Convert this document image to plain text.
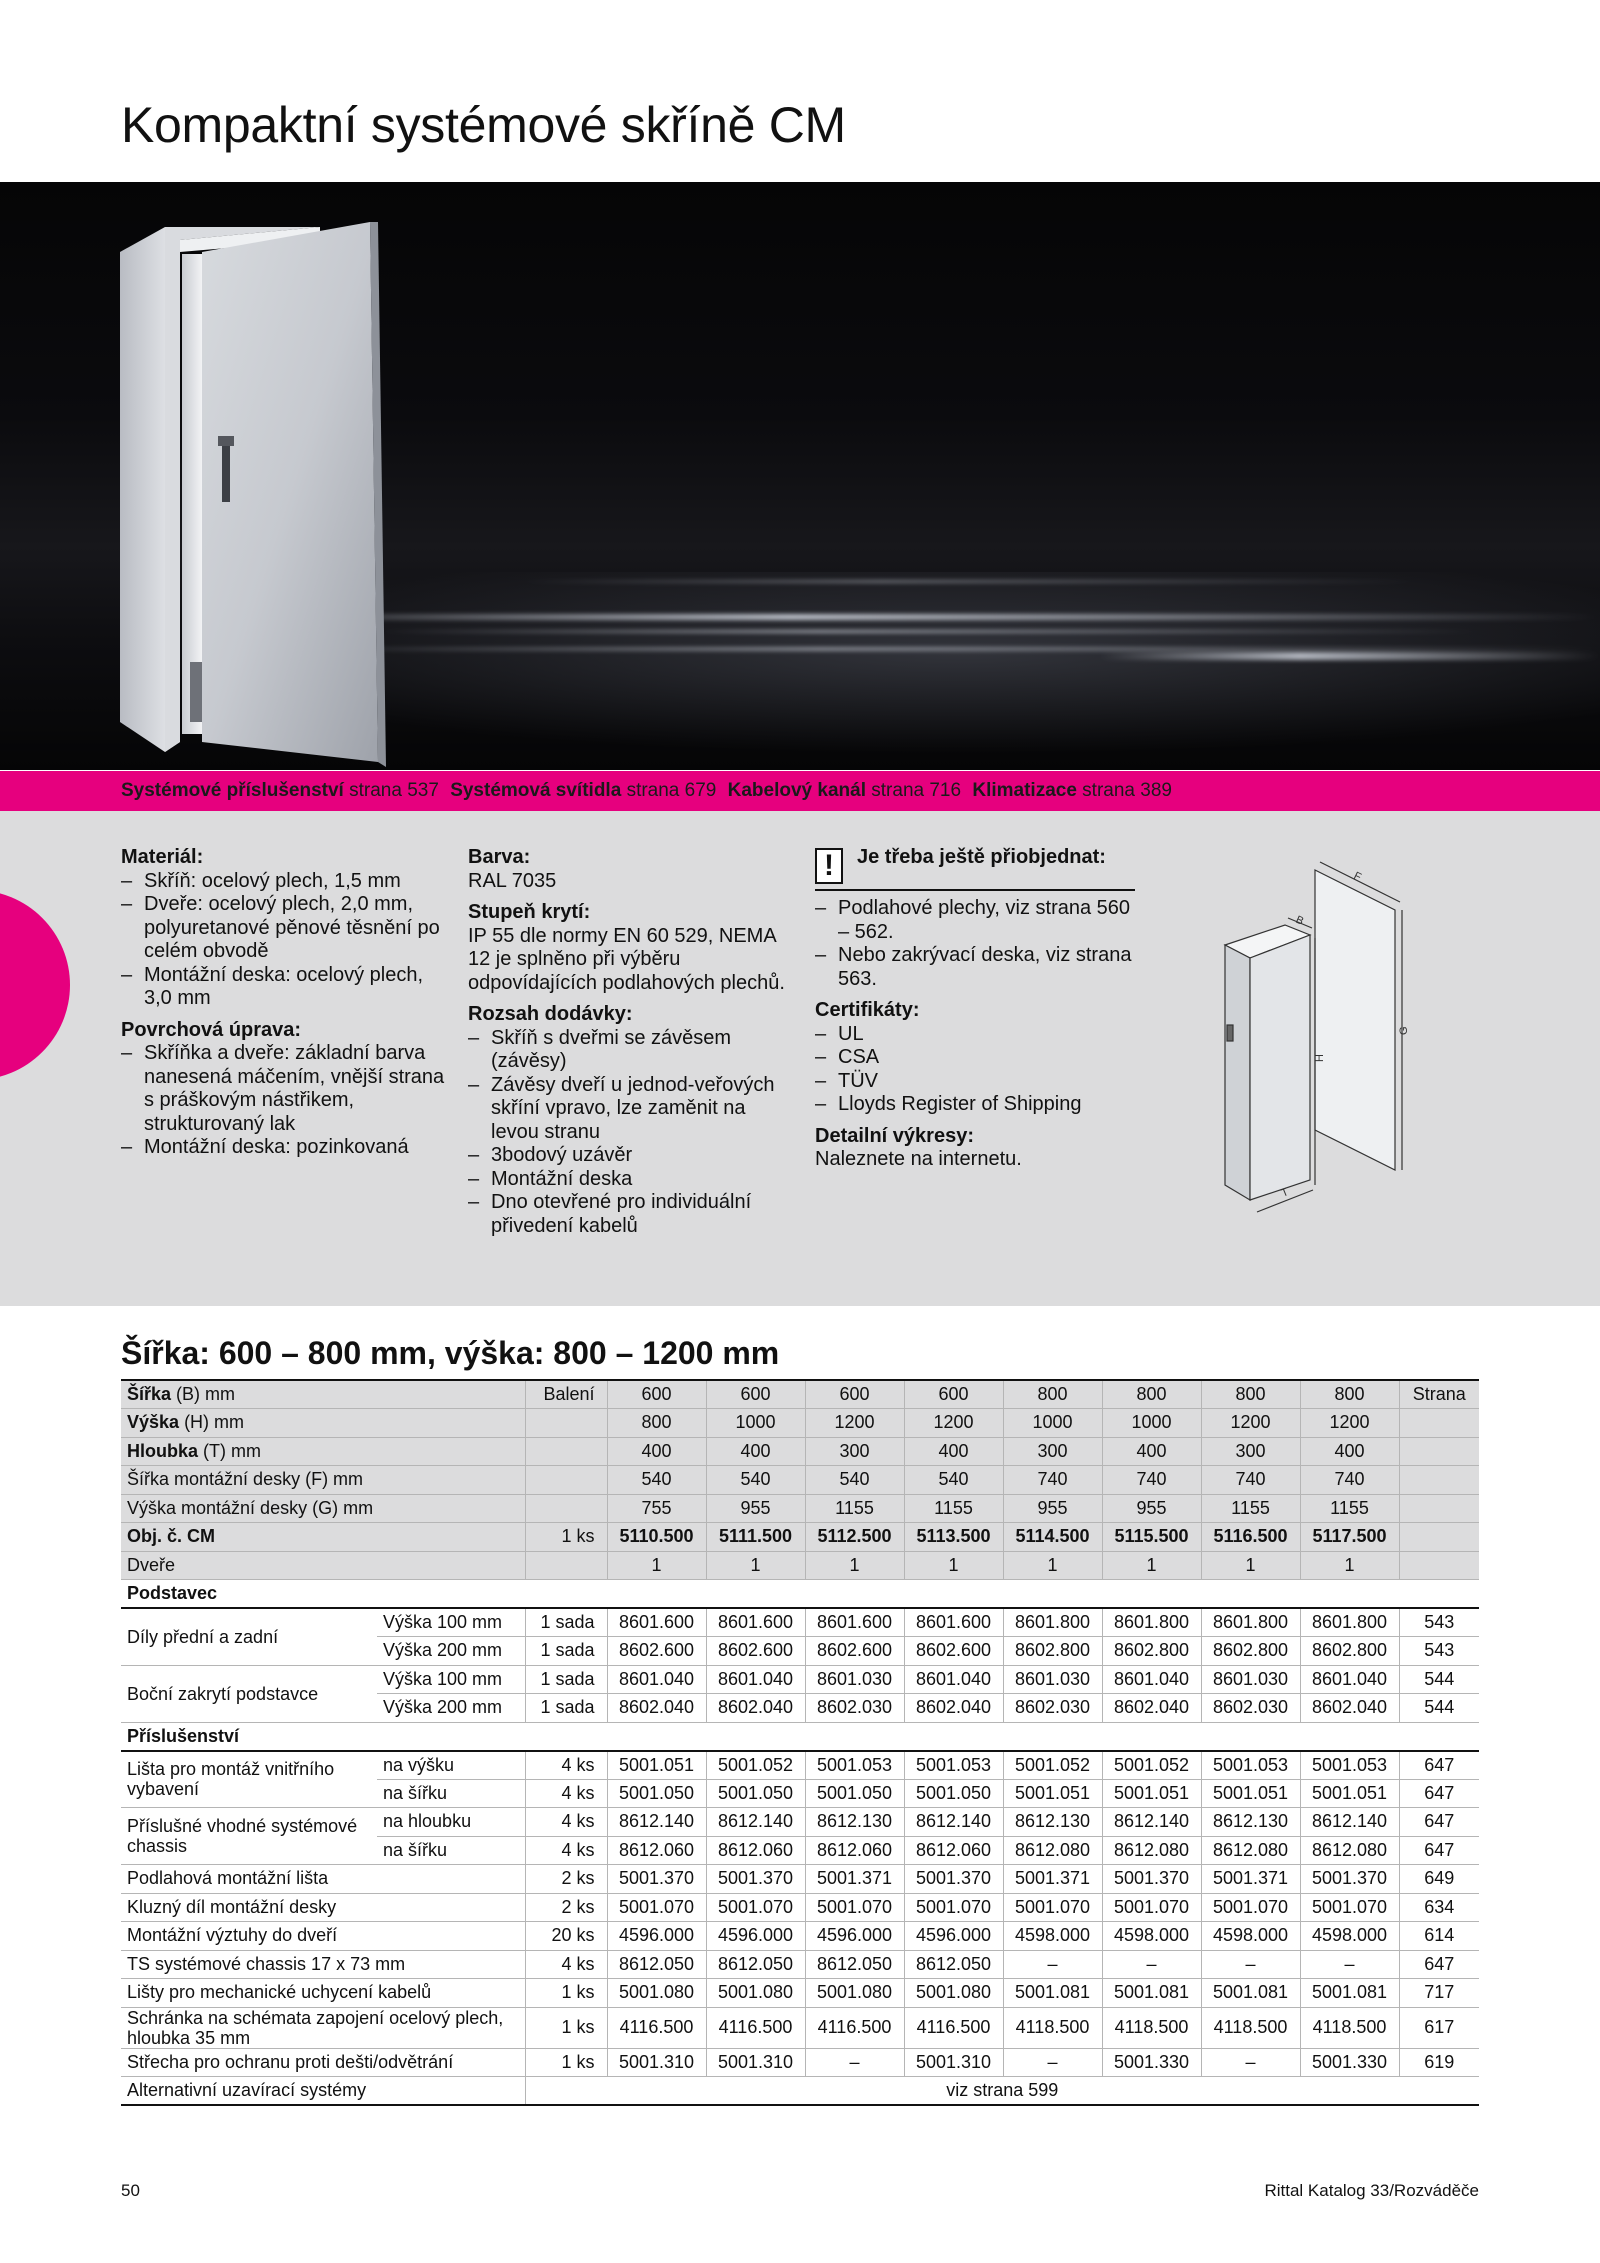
Kompaktní systémové skříně CM
Systémové příslušenství strana 537 Systémová svítidla strana 679 Kabelový kanál strana 716 Klimatizace strana 389
Materiál:
– Skříň: ocelový plech, 1,5 mm
– Dveře: ocelový plech, 2,0 mm, polyuretanové pěnové těsnění po celém obvodě
– Montážní deska: ocelový plech, 3,0 mm
Povrchová úprava:
– Skříňka a dveře: základní barva nanesená máčením, vnější strana s práškovým nástřikem, strukturovaný lak
– Montážní deska: pozinkovaná
Barva:
RAL 7035
Stupeň krytí:
IP 55 dle normy EN 60 529, NEMA 12 je splněno při výběru odpovídajících podlahových plechů.
Rozsah dodávky:
– Skříň s dveřmi se závěsem (závěsy)
– Závěsy dveří u jednod-veřových skříní vpravo, lze zaměnit na levou stranu
– 3bodový uzávěr
– Montážní deska
– Dno otevřené pro individuální přivedení kabelů
!	Je třeba ještě přiobjednat:
– Podlahové plechy, viz strana 560 – 562.
– Nebo zakrývací deska, viz strana 563.
Certifikáty:
– UL
– CSA
– TÜV
– Lloyds Register of Shipping
Detailní výkresy:
Naleznete na internetu.
F
B
G
H
T
Šířka: 600 – 800 mm, výška: 800 – 1200 mm
Šířka (B) mm		Balení	600	600	600	600	800	800	800	800	Strana
Výška (H) mm			800	1000	1200	1200	1000	1000	1200	1200	
Hloubka (T) mm			400	400	300	400	300	400	300	400	
Šířka montážní desky (F) mm			540	540	540	540	740	740	740	740	
Výška montážní desky (G) mm			755	955	1155	1155	955	955	1155	1155	
Obj. č. CM		1 ks	5110.500	5111.500	5112.500	5113.500	5114.500	5115.500	5116.500	5117.500	
Dveře			1	1	1	1	1	1	1	1	
Podstavec											
Díly přední a zadní	Výška 100 mm	1 sada	8601.600	8601.600	8601.600	8601.600	8601.800	8601.800	8601.800	8601.800	543
	Výška 200 mm	1 sada	8602.600	8602.600	8602.600	8602.600	8602.800	8602.800	8602.800	8602.800	543
Boční zakrytí podstavce	Výška 100 mm	1 sada	8601.040	8601.040	8601.030	8601.040	8601.030	8601.040	8601.030	8601.040	544
	Výška 200 mm	1 sada	8602.040	8602.040	8602.030	8602.040	8602.030	8602.040	8602.030	8602.040	544
Příslušenství											
Lišta pro montáž vnitřního vybavení	na výšku	4 ks	5001.051	5001.052	5001.053	5001.053	5001.052	5001.052	5001.053	5001.053	647
	na šířku	4 ks	5001.050	5001.050	5001.050	5001.050	5001.051	5001.051	5001.051	5001.051	647
Příslušné vhodné systémové chassis	na hloubku	4 ks	8612.140	8612.140	8612.130	8612.140	8612.130	8612.140	8612.130	8612.140	647
	na šířku	4 ks	8612.060	8612.060	8612.060	8612.060	8612.080	8612.080	8612.080	8612.080	647
Podlahová montážní lišta		2 ks	5001.370	5001.370	5001.371	5001.370	5001.371	5001.370	5001.371	5001.370	649
Kluzný díl montážní desky		2 ks	5001.070	5001.070	5001.070	5001.070	5001.070	5001.070	5001.070	5001.070	634
Montážní výztuhy do dveří		20 ks	4596.000	4596.000	4596.000	4596.000	4598.000	4598.000	4598.000	4598.000	614
TS systémové chassis 17 x 73 mm		4 ks	8612.050	8612.050	8612.050	8612.050	–	–	–	–	647
Lišty pro mechanické uchycení kabelů		1 ks	5001.080	5001.080	5001.080	5001.080	5001.081	5001.081	5001.081	5001.081	717
Schránka na schémata zapojení ocelový plech, hloubka 35 mm		1 ks	4116.500	4116.500	4116.500	4116.500	4118.500	4118.500	4118.500	4118.500	617
Střecha pro ochranu proti dešti/odvětrání		1 ks	5001.310	5001.310	–	5001.310	–	5001.330	–	5001.330	619
Alternativní uzavírací systémy		viz strana 599									
50	Rittal Katalog 33/Rozváděče
